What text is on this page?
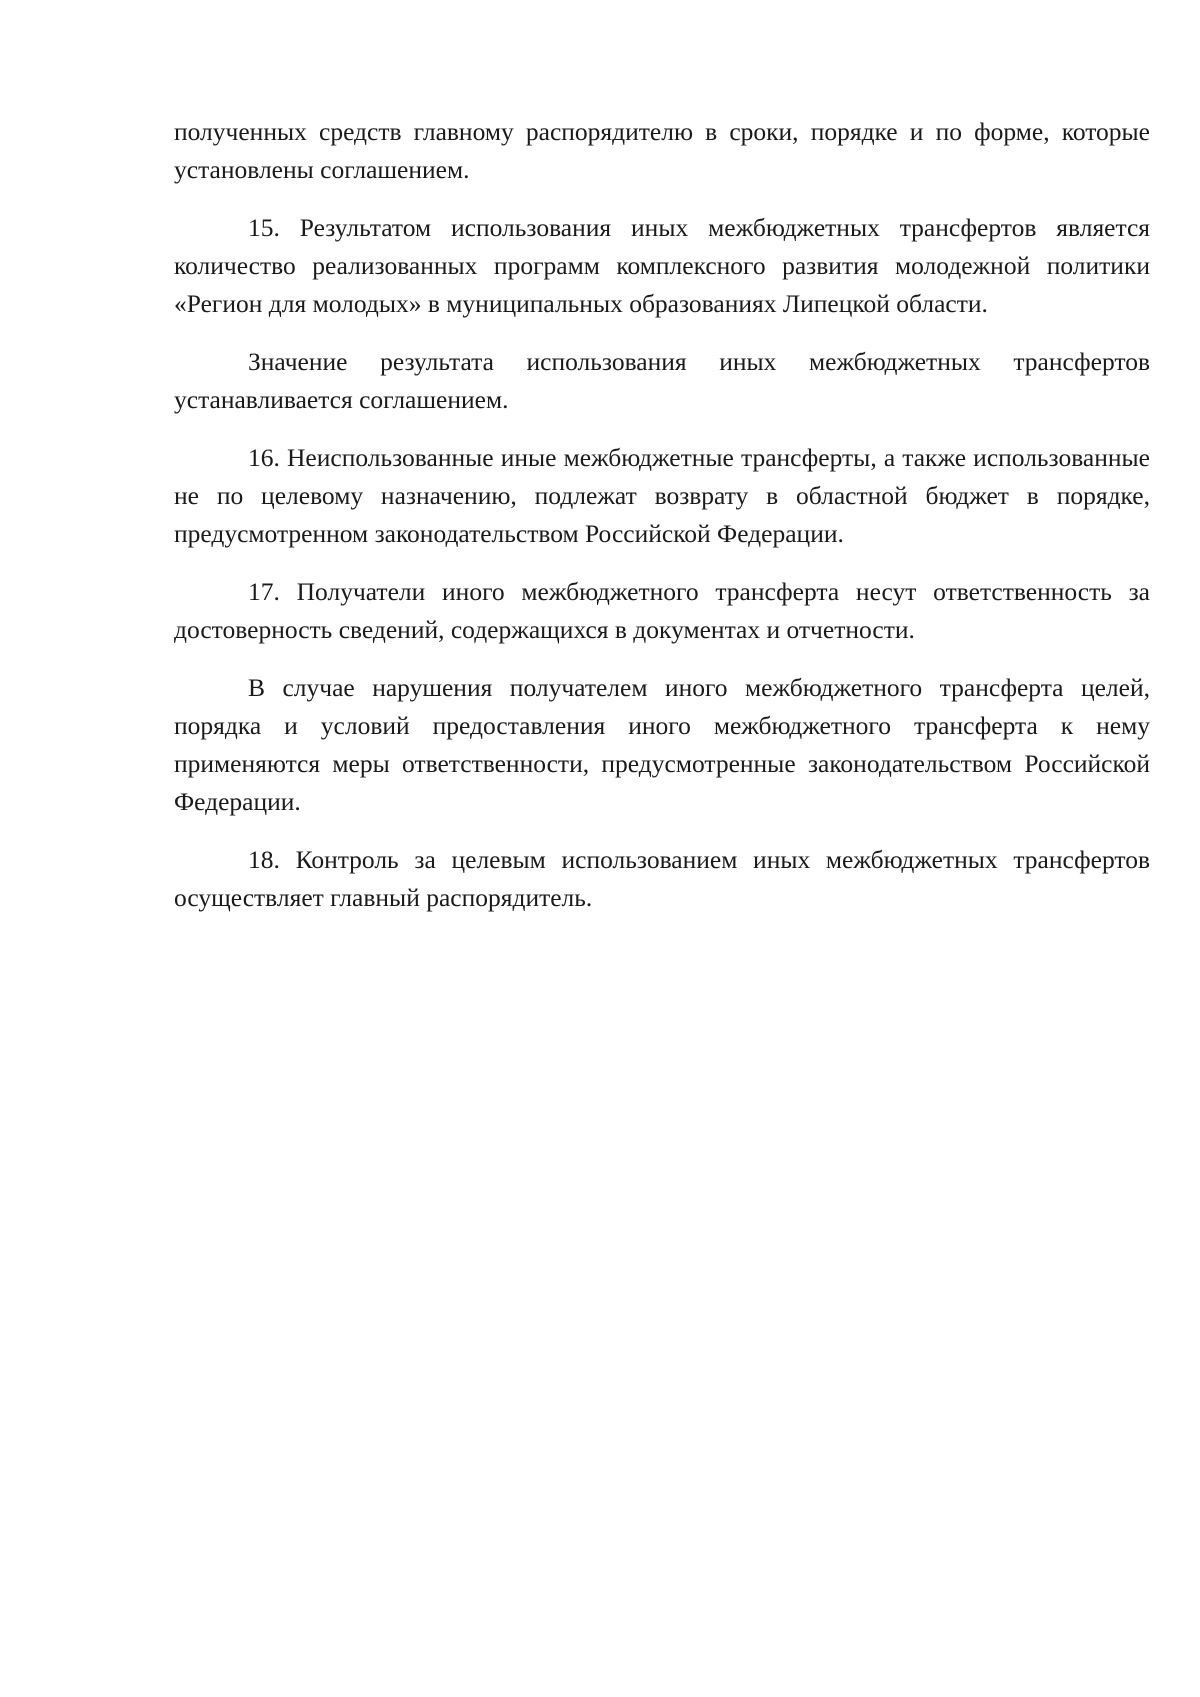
полученных средств главному распорядителю в сроки, порядке и по форме, которые установлены соглашением.

15. Результатом использования иных межбюджетных трансфертов является количество реализованных программ комплексного развития молодежной политики «Регион для молодых» в муниципальных образованиях Липецкой области.

Значение результата использования иных межбюджетных трансфертов устанавливается соглашением.

16. Неиспользованные иные межбюджетные трансферты, а также использованные не по целевому назначению, подлежат возврату в областной бюджет в порядке, предусмотренном законодательством Российской Федерации.

17. Получатели иного межбюджетного трансферта несут ответственность за достоверность сведений, содержащихся в документах и отчетности.

В случае нарушения получателем иного межбюджетного трансферта целей, порядка и условий предоставления иного межбюджетного трансферта к нему применяются меры ответственности, предусмотренные законодательством Российской Федерации.

18. Контроль за целевым использованием иных межбюджетных трансфертов осуществляет главный распорядитель.
